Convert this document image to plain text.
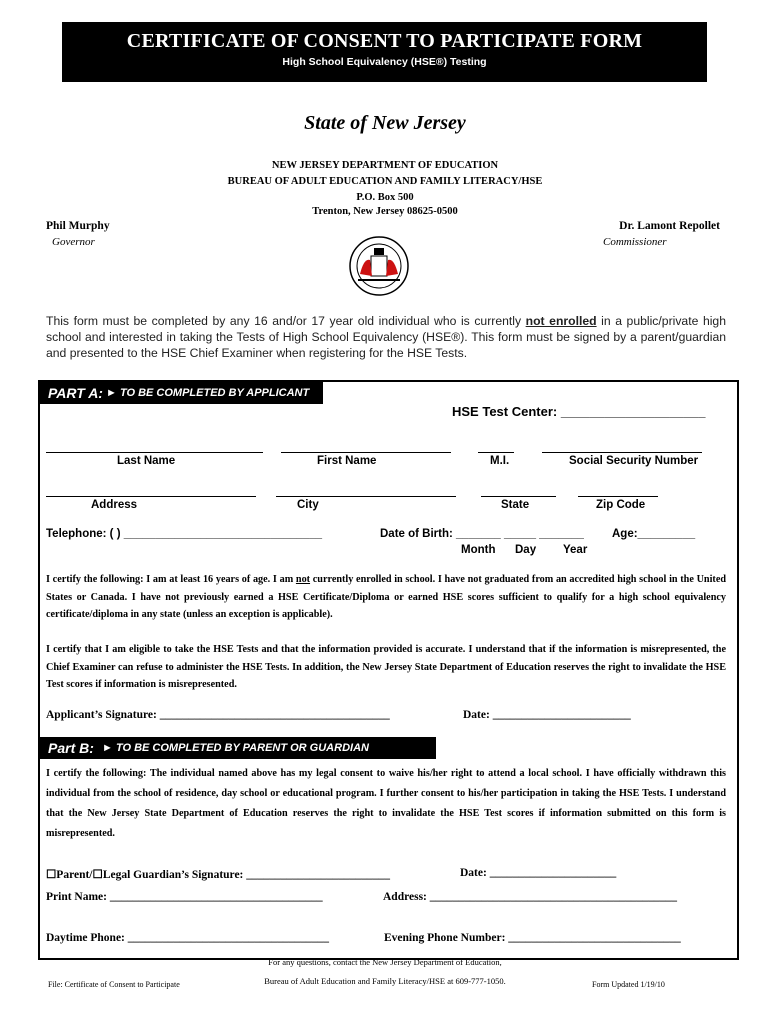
CERTIFICATE OF CONSENT TO PARTICIPATE FORM
High School Equivalency (HSE®) Testing
State of New Jersey
NEW JERSEY DEPARTMENT OF EDUCATION
BUREAU OF ADULT EDUCATION AND FAMILY LITERACY/HSE
P.O. Box 500
Trenton, New Jersey 08625-0500
Phil Murphy
Governor
Dr. Lamont Repollet
Commissioner
This form must be completed by any 16 and/or 17 year old individual who is currently not enrolled in a public/private high school and interested in taking the Tests of High School Equivalency (HSE®). This form must be signed by a parent/guardian and presented to the HSE Chief Examiner when registering for the HSE Tests.
PART A: ► TO BE COMPLETED BY APPLICANT
HSE Test Center: ____________________
Last Name	First Name	M.I.	Social Security Number
Address	City	State	Zip Code
Telephone: ( ) _______________________________	Date of Birth: _______ _____ _______ Age:_________
Month Day Year
I certify the following: I am at least 16 years of age. I am not currently enrolled in school. I have not graduated from an accredited high school in the United States or Canada. I have not previously earned a HSE Certificate/Diploma or earned HSE scores sufficient to qualify for a high school equivalency certificate/diploma in any state (unless an exception is applicable).
I certify that I am eligible to take the HSE Tests and that the information provided is accurate. I understand that if the information is misrepresented, the Chief Examiner can refuse to administer the HSE Tests. In addition, the New Jersey State Department of Education reserves the right to invalidate the HSE Test scores if information is misrepresented.
Applicant’s Signature: ________________________________________	Date: ________________________
Part B: ► TO BE COMPLETED BY PARENT OR GUARDIAN
I certify the following: The individual named above has my legal consent to waive his/her right to attend a local school. I have officially withdrawn this individual from the school of residence, day school or educational program. I further consent to his/her participation in taking the HSE Tests. I understand that the New Jersey State Department of Education reserves the right to invalidate the HSE Test scores if information submitted on this form is misrepresented.
☐Parent/☐Legal Guardian’s Signature: _________________________	Date: ______________________
Print Name: _____________________________________	Address: ___________________________________________
Daytime Phone: ___________________________________	Evening Phone Number: ______________________________
For any questions, contact the New Jersey Department of Education,
Bureau of Adult Education and Family Literacy/HSE at 609-777-1050.
File: Certificate of Consent to Participate	Form Updated 1/19/10
